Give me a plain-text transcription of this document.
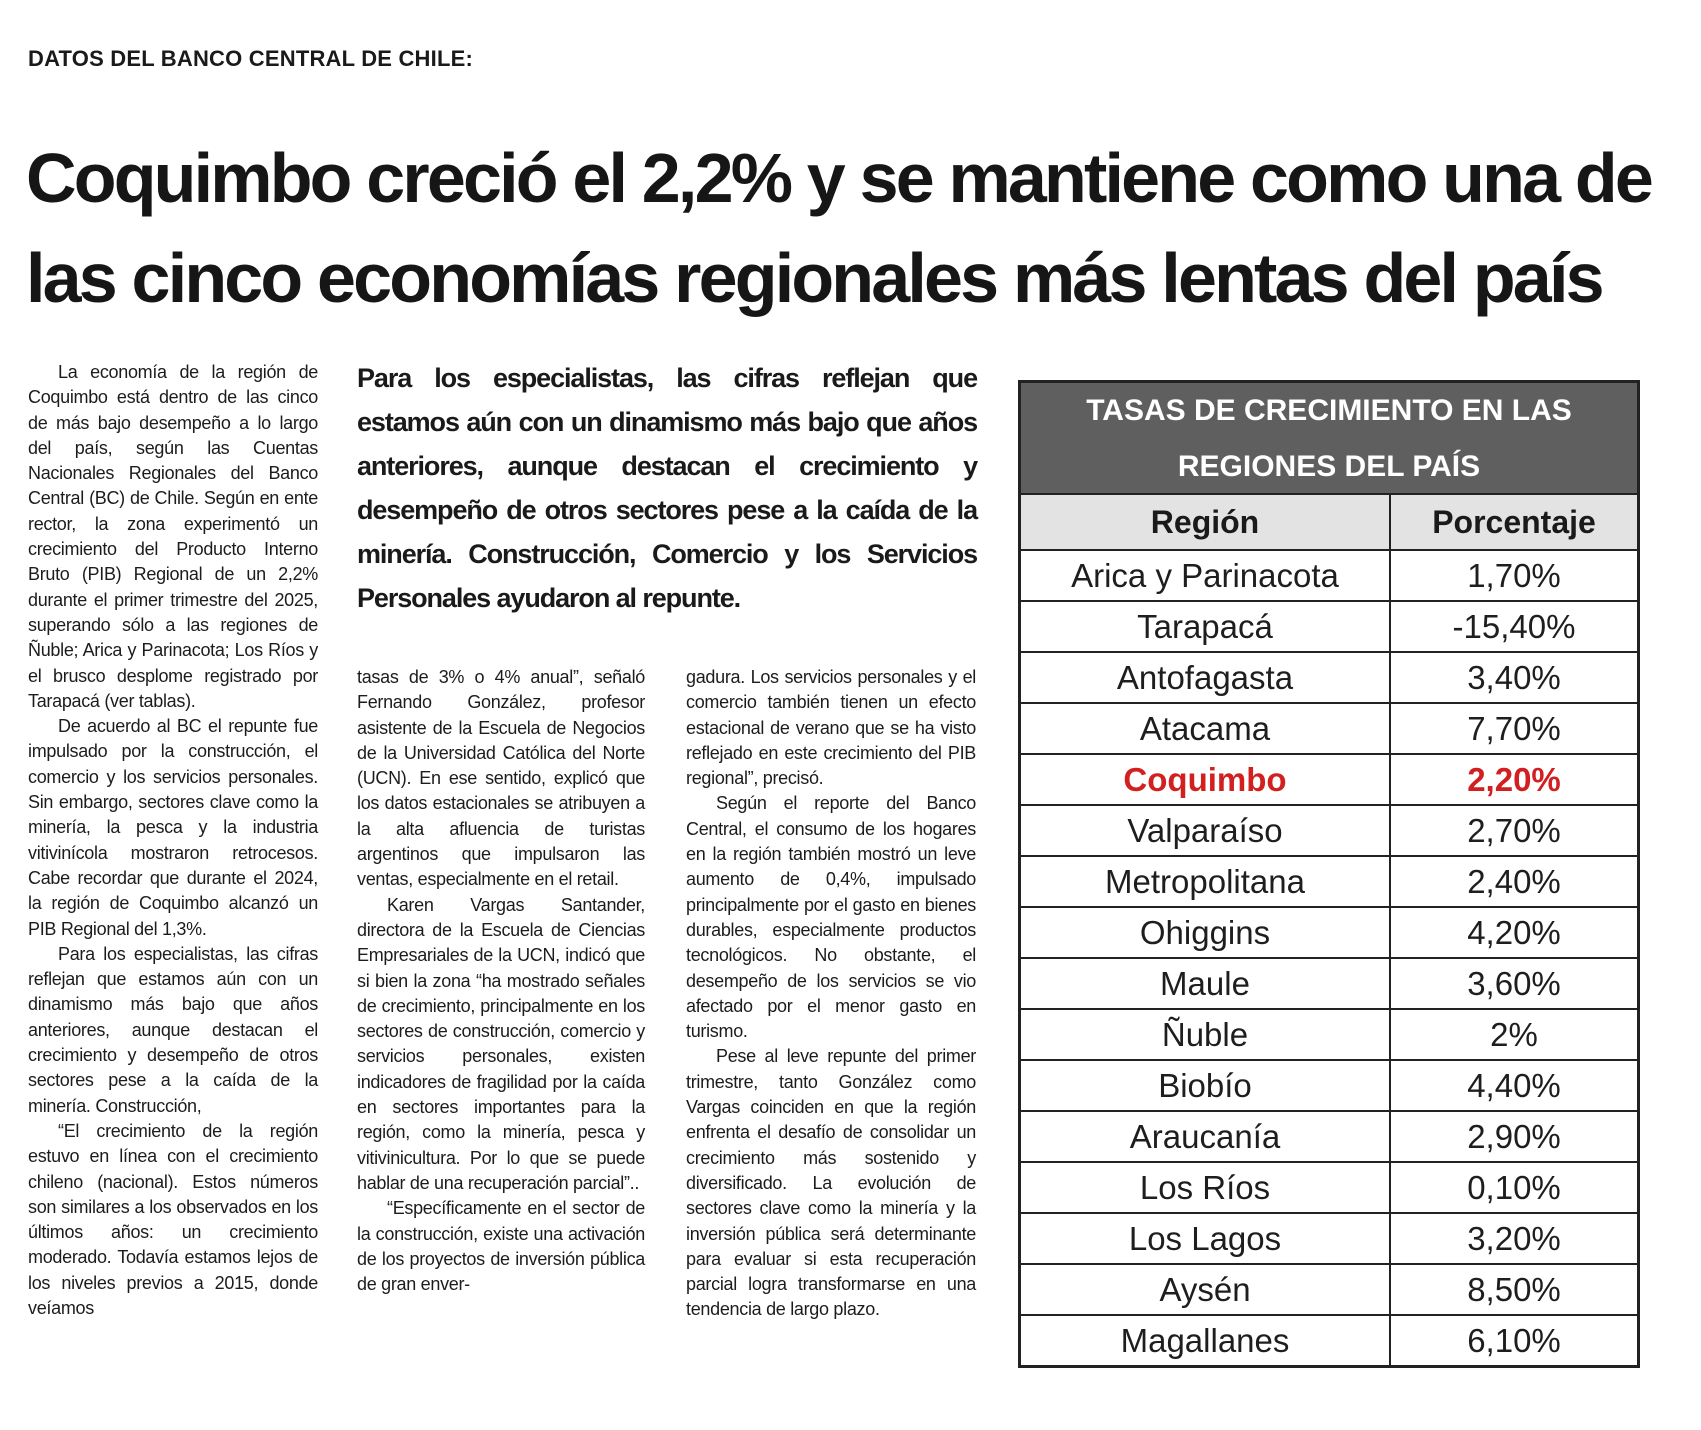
DATOS DEL BANCO CENTRAL DE CHILE:
Coquimbo creció el 2,2% y se mantiene como una de
las cinco economías regionales más lentas del país

La economía de la región de Coquimbo está dentro de las cinco de más bajo desempeño a lo largo del país, según las Cuentas Nacionales Regionales del Banco Central (BC) de Chile. Según en ente rector, la zona experimentó un crecimiento del Producto Interno Bruto (PIB) Regional de un 2,2% durante el primer trimestre del 2025, superando sólo a las regiones de Ñuble; Arica y Parinacota; Los Ríos y el brusco desplome registrado por Tarapacá (ver tablas).

De acuerdo al BC el repunte fue impulsado por la construcción, el comercio y los servicios personales. Sin embargo, sectores clave como la minería, la pesca y la industria vitivinícola mostraron retrocesos. Cabe recordar que durante el 2024, la región de Coquimbo alcanzó un PIB Regional del 1,3%.

Para los especialistas, las cifras reflejan que estamos aún con un dinamismo más bajo que años anteriores, aunque destacan el crecimiento y desempeño de otros sectores pese a la caída de la minería. Construcción,

“El crecimiento de la región estuvo en línea con el crecimiento chileno (nacional). Estos números son similares a los observados en los últimos años: un crecimiento moderado. Todavía estamos lejos de los niveles previos a 2015, donde veíamos

Para los especialistas, las cifras reflejan que estamos aún con un dinamismo más bajo que años anteriores, aunque destacan el crecimiento y desempeño de otros sectores pese a la caída de la minería. Construcción, Comercio y los Servicios Personales ayudaron al repunte.

tasas de 3% o 4% anual”, señaló Fernando González, profesor asistente de la Escuela de Negocios de la Universidad Católica del Norte (UCN). En ese sentido, explicó que los datos estacionales se atribuyen a la alta afluencia de turistas argentinos que impulsaron las ventas, especialmente en el retail.

Karen Vargas Santander, directora de la Escuela de Ciencias Empresariales de la UCN, indicó que si bien la zona “ha mostrado señales de crecimiento, principalmente en los sectores de construcción, comercio y servicios personales, existen indicadores de fragilidad por la caída en sectores importantes para la región, como la minería, pesca y vitivinicultura. Por lo que se puede hablar de una recuperación parcial”..

“Específicamente en el sector de la construcción, existe una activación de los proyectos de inversión pública de gran enver-

gadura. Los servicios personales y el comercio también tienen un efecto estacional de verano que se ha visto reflejado en este crecimiento del PIB regional”, precisó.

Según el reporte del Banco Central, el consumo de los hogares en la región también mostró un leve aumento de 0,4%, impulsado principalmente por el gasto en bienes durables, especialmente productos tecnológicos. No obstante, el desempeño de los servicios se vio afectado por el menor gasto en turismo.

Pese al leve repunte del primer trimestre, tanto González como Vargas coinciden en que la región enfrenta el desafío de consolidar un crecimiento más sostenido y diversificado. La evolución de sectores clave como la minería y la inversión pública será determinante para evaluar si esta recuperación parcial logra transformarse en una tendencia de largo plazo.

TASAS DE CRECIMIENTO EN LAS
REGIONES DEL PAÍS
Región	Porcentaje
Arica y Parinacota	1,70%
Tarapacá	-15,40%
Antofagasta	3,40%
Atacama	7,70%
Coquimbo	2,20%
Valparaíso	2,70%
Metropolitana	2,40%
Ohiggins	4,20%
Maule	3,60%
Ñuble	2%
Biobío	4,40%
Araucanía	2,90%
Los Ríos	0,10%
Los Lagos	3,20%
Aysén	8,50%
Magallanes	6,10%
